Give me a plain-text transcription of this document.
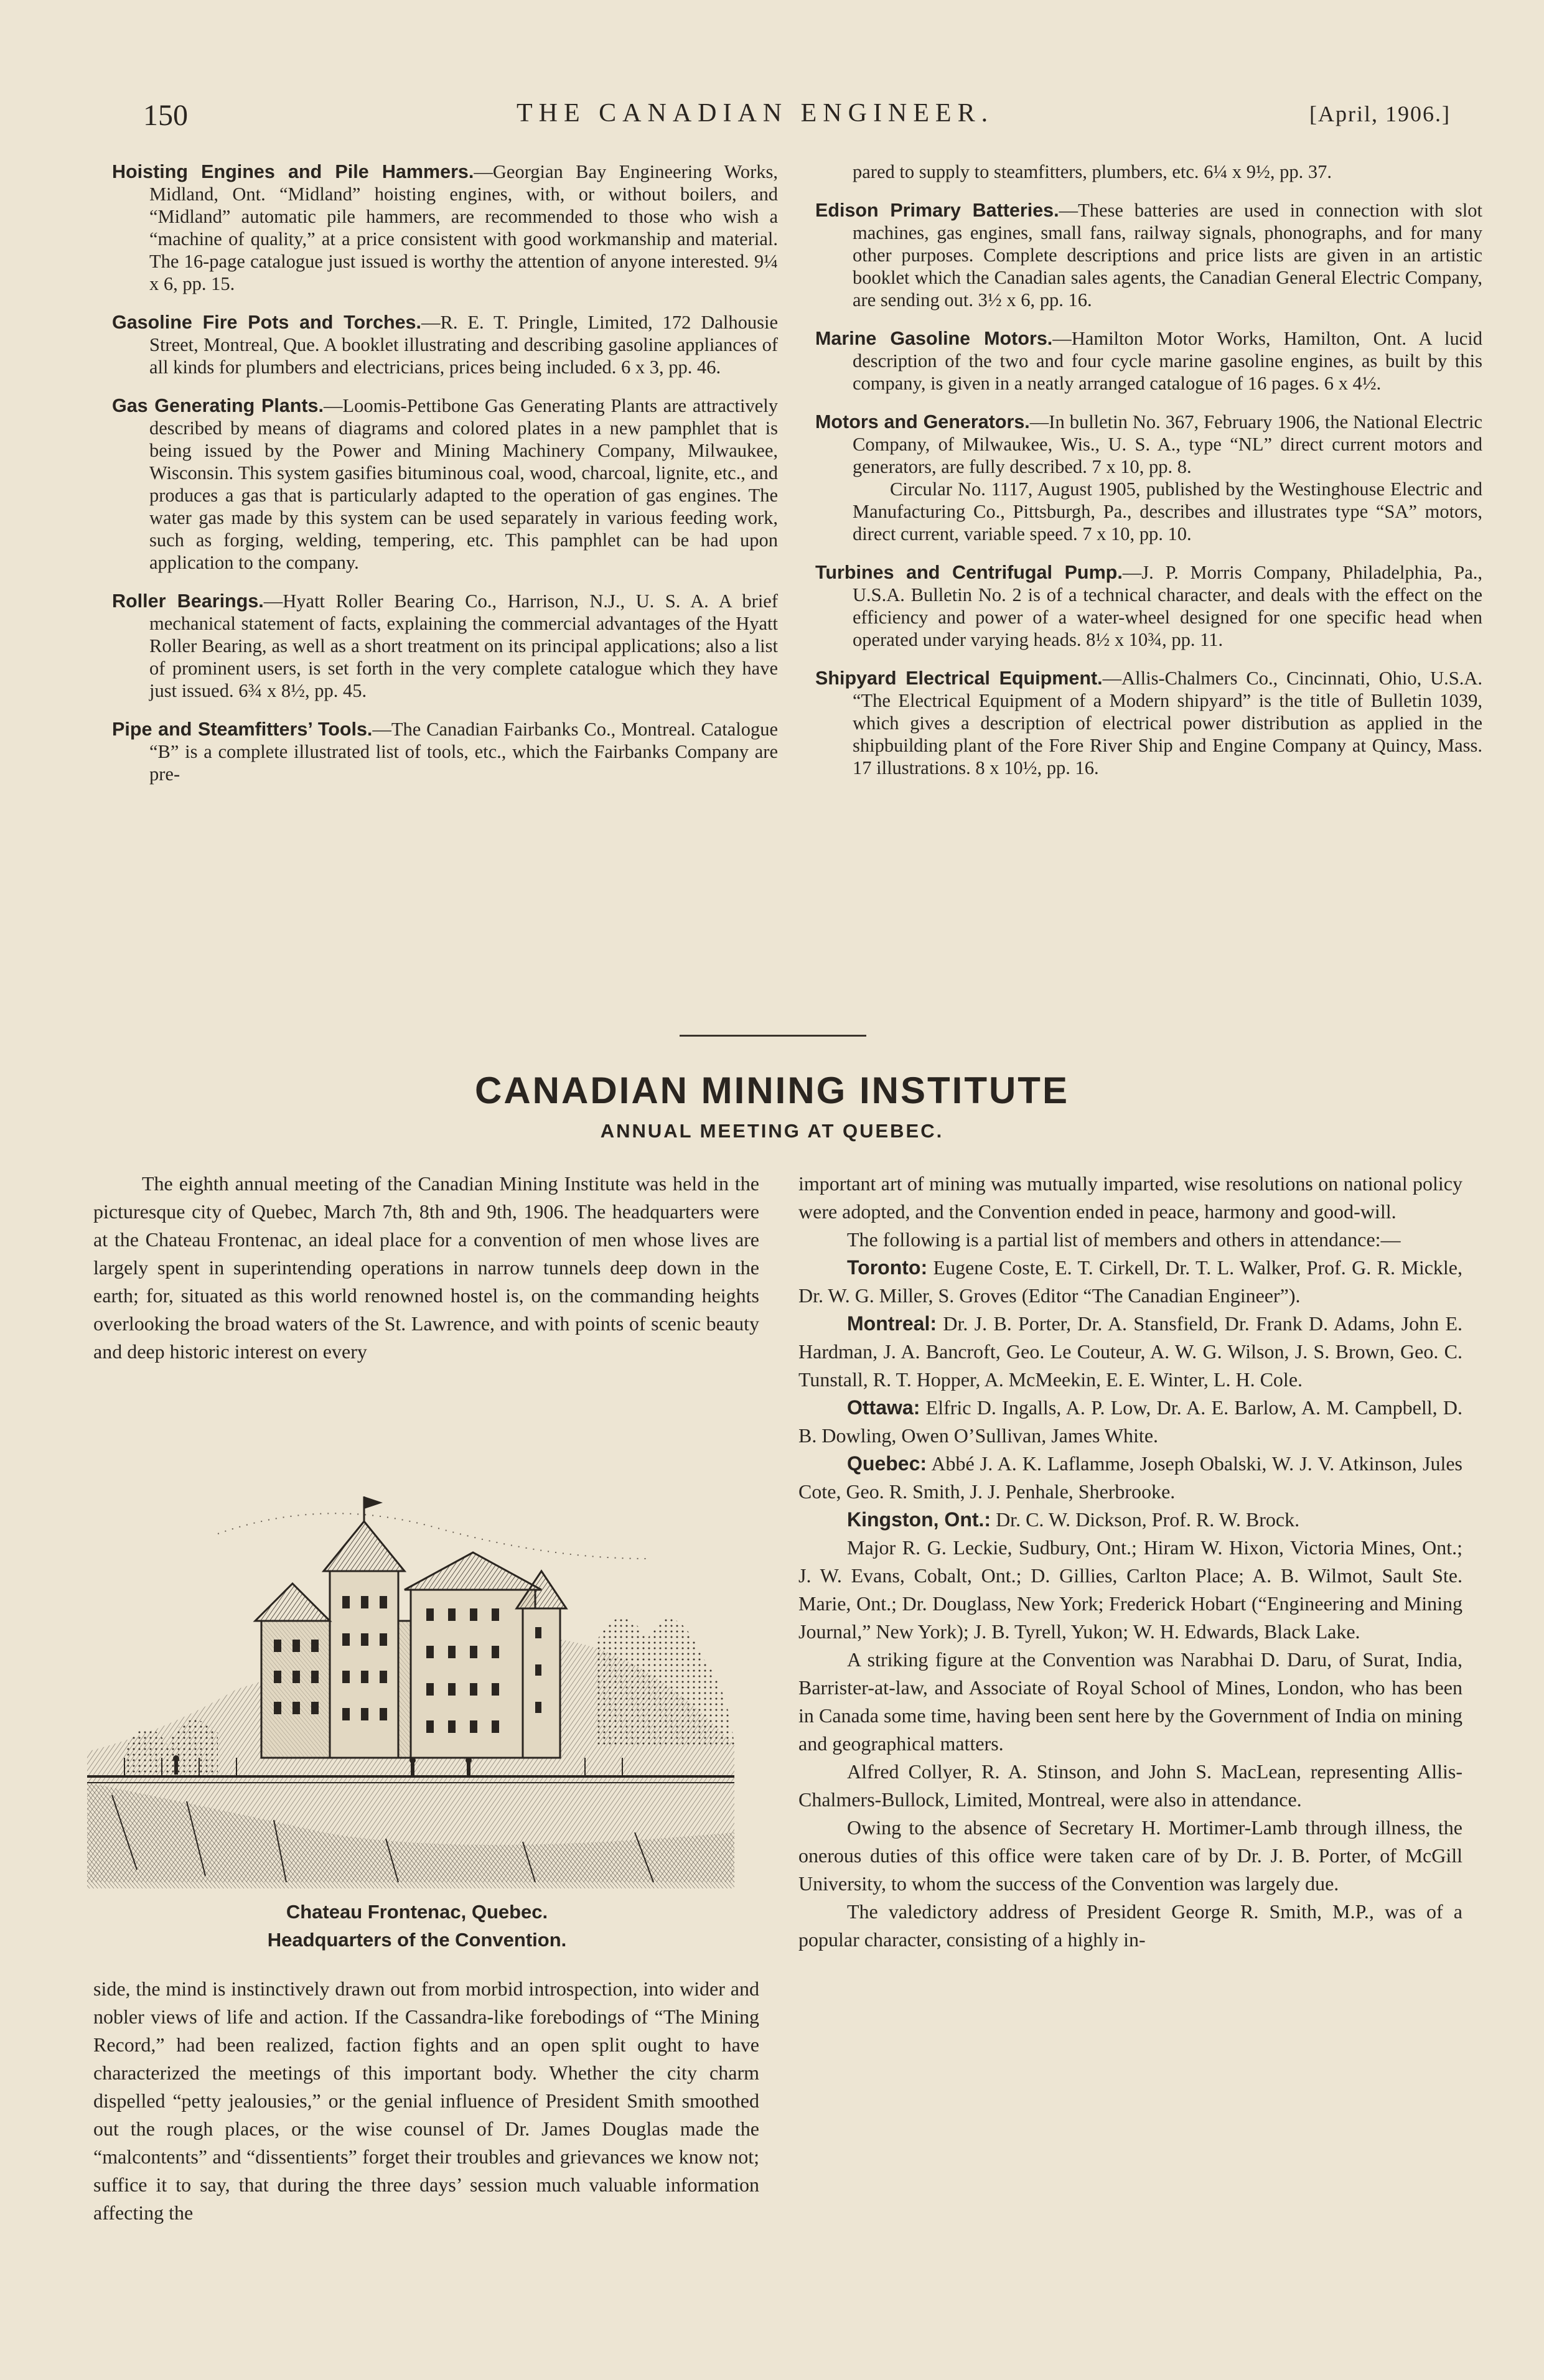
150	THE CANADIAN ENGINEER.	[April, 1906.]
Hoisting Engines and Pile Hammers.—Georgian Bay Engineering Works, Midland, Ont. “Midland” hoisting engines, with, or without boilers, and “Midland” automatic pile hammers, are recommended to those who wish a “machine of quality,” at a price consistent with good workmanship and material. The 16-page catalogue just issued is worthy the attention of anyone interested. 9¼ x 6, pp. 15.
Gasoline Fire Pots and Torches.—R. E. T. Pringle, Limited, 172 Dalhousie Street, Montreal, Que. A booklet illustrating and describing gasoline appliances of all kinds for plumbers and electricians, prices being included. 6 x 3, pp. 46.
Gas Generating Plants.—Loomis-Pettibone Gas Generating Plants are attractively described by means of diagrams and colored plates in a new pamphlet that is being issued by the Power and Mining Machinery Company, Milwaukee, Wisconsin. This system gasifies bituminous coal, wood, charcoal, lignite, etc., and produces a gas that is particularly adapted to the operation of gas engines. The water gas made by this system can be used separately in various feeding work, such as forging, welding, tempering, etc. This pamphlet can be had upon application to the company.
Roller Bearings.—Hyatt Roller Bearing Co., Harrison, N.J., U. S. A. A brief mechanical statement of facts, explaining the commercial advantages of the Hyatt Roller Bearing, as well as a short treatment on its principal applications; also a list of prominent users, is set forth in the very complete catalogue which they have just issued. 6¾ x 8½, pp. 45.
Pipe and Steamfitters’ Tools.—The Canadian Fairbanks Co., Montreal. Catalogue “B” is a complete illustrated list of tools, etc., which the Fairbanks Company are pre-
pared to supply to steamfitters, plumbers, etc. 6¼ x 9½, pp. 37.
Edison Primary Batteries.—These batteries are used in connection with slot machines, gas engines, small fans, railway signals, phonographs, and for many other purposes. Complete descriptions and price lists are given in an artistic booklet which the Canadian sales agents, the Canadian General Electric Company, are sending out. 3½ x 6, pp. 16.
Marine Gasoline Motors.—Hamilton Motor Works, Hamilton, Ont. A lucid description of the two and four cycle marine gasoline engines, as built by this company, is given in a neatly arranged catalogue of 16 pages. 6 x 4½.
Motors and Generators.—In bulletin No. 367, February 1906, the National Electric Company, of Milwaukee, Wis., U. S. A., type “NL” direct current motors and generators, are fully described. 7 x 10, pp. 8.

Circular No. 1117, August 1905, published by the Westinghouse Electric and Manufacturing Co., Pittsburgh, Pa., describes and illustrates type “SA” motors, direct current, variable speed. 7 x 10, pp. 10.

Turbines and Centrifugal Pump.—J. P. Morris Company, Philadelphia, Pa., U.S.A. Bulletin No. 2 is of a technical character, and deals with the effect on the efficiency and power of a water-wheel designed for one specific head when operated under varying heads. 8½ x 10¾, pp. 11.
Shipyard Electrical Equipment.—Allis-Chalmers Co., Cincinnati, Ohio, U.S.A. “The Electrical Equipment of a Modern shipyard” is the title of Bulletin 1039, which gives a description of electrical power distribution as applied in the shipbuilding plant of the Fore River Ship and Engine Company at Quincy, Mass. 17 illustrations. 8 x 10½, pp. 16.
CANADIAN MINING INSTITUTE
ANNUAL MEETING AT QUEBEC.

The eighth annual meeting of the Canadian Mining Institute was held in the picturesque city of Quebec, March 7th, 8th and 9th, 1906. The headquarters were at the Chateau Frontenac, an ideal place for a convention of men whose lives are largely spent in superintending operations in narrow tunnels deep down in the earth; for, situated as this world renowned hostel is, on the commanding heights overlooking the broad waters of the St. Lawrence, and with points of scenic beauty and deep historic interest on every

Chateau Frontenac, Quebec.
Headquarters of the Convention.

side, the mind is instinctively drawn out from morbid introspection, into wider and nobler views of life and action. If the Cassandra-like forebodings of “The Mining Record,” had been realized, faction fights and an open split ought to have characterized the meetings of this important body. Whether the city charm dispelled “petty jealousies,” or the genial influence of President Smith smoothed out the rough places, or the wise counsel of Dr. James Douglas made the “malcontents” and “dissentients” forget their troubles and grievances we know not; suffice it to say, that during the three days’ session much valuable information affecting the

important art of mining was mutually imparted, wise resolutions on national policy were adopted, and the Convention ended in peace, harmony and good-will.

The following is a partial list of members and others in attendance:—

Toronto: Eugene Coste, E. T. Cirkell, Dr. T. L. Walker, Prof. G. R. Mickle, Dr. W. G. Miller, S. Groves (Editor “The Canadian Engineer”).

Montreal: Dr. J. B. Porter, Dr. A. Stansfield, Dr. Frank D. Adams, John E. Hardman, J. A. Bancroft, Geo. Le Couteur, A. W. G. Wilson, J. S. Brown, Geo. C. Tunstall, R. T. Hopper, A. McMeekin, E. E. Winter, L. H. Cole.

Ottawa: Elfric D. Ingalls, A. P. Low, Dr. A. E. Barlow, A. M. Campbell, D. B. Dowling, Owen O’Sullivan, James White.

Quebec: Abbé J. A. K. Laflamme, Joseph Obalski, W. J. V. Atkinson, Jules Cote, Geo. R. Smith, J. J. Penhale, Sherbrooke.

Kingston, Ont.: Dr. C. W. Dickson, Prof. R. W. Brock.

Major R. G. Leckie, Sudbury, Ont.; Hiram W. Hixon, Victoria Mines, Ont.; J. W. Evans, Cobalt, Ont.; D. Gillies, Carlton Place; A. B. Wilmot, Sault Ste. Marie, Ont.; Dr. Douglass, New York; Frederick Hobart (“Engineering and Mining Journal,” New York); J. B. Tyrell, Yukon; W. H. Edwards, Black Lake.

A striking figure at the Convention was Narabhai D. Daru, of Surat, India, Barrister-at-law, and Associate of Royal School of Mines, London, who has been in Canada some time, having been sent here by the Government of India on mining and geographical matters.

Alfred Collyer, R. A. Stinson, and John S. MacLean, representing Allis-Chalmers-Bullock, Limited, Montreal, were also in attendance.

Owing to the absence of Secretary H. Mortimer-Lamb through illness, the onerous duties of this office were taken care of by Dr. J. B. Porter, of McGill University, to whom the success of the Convention was largely due.

The valedictory address of President George R. Smith, M.P., was of a popular character, consisting of a highly in-
